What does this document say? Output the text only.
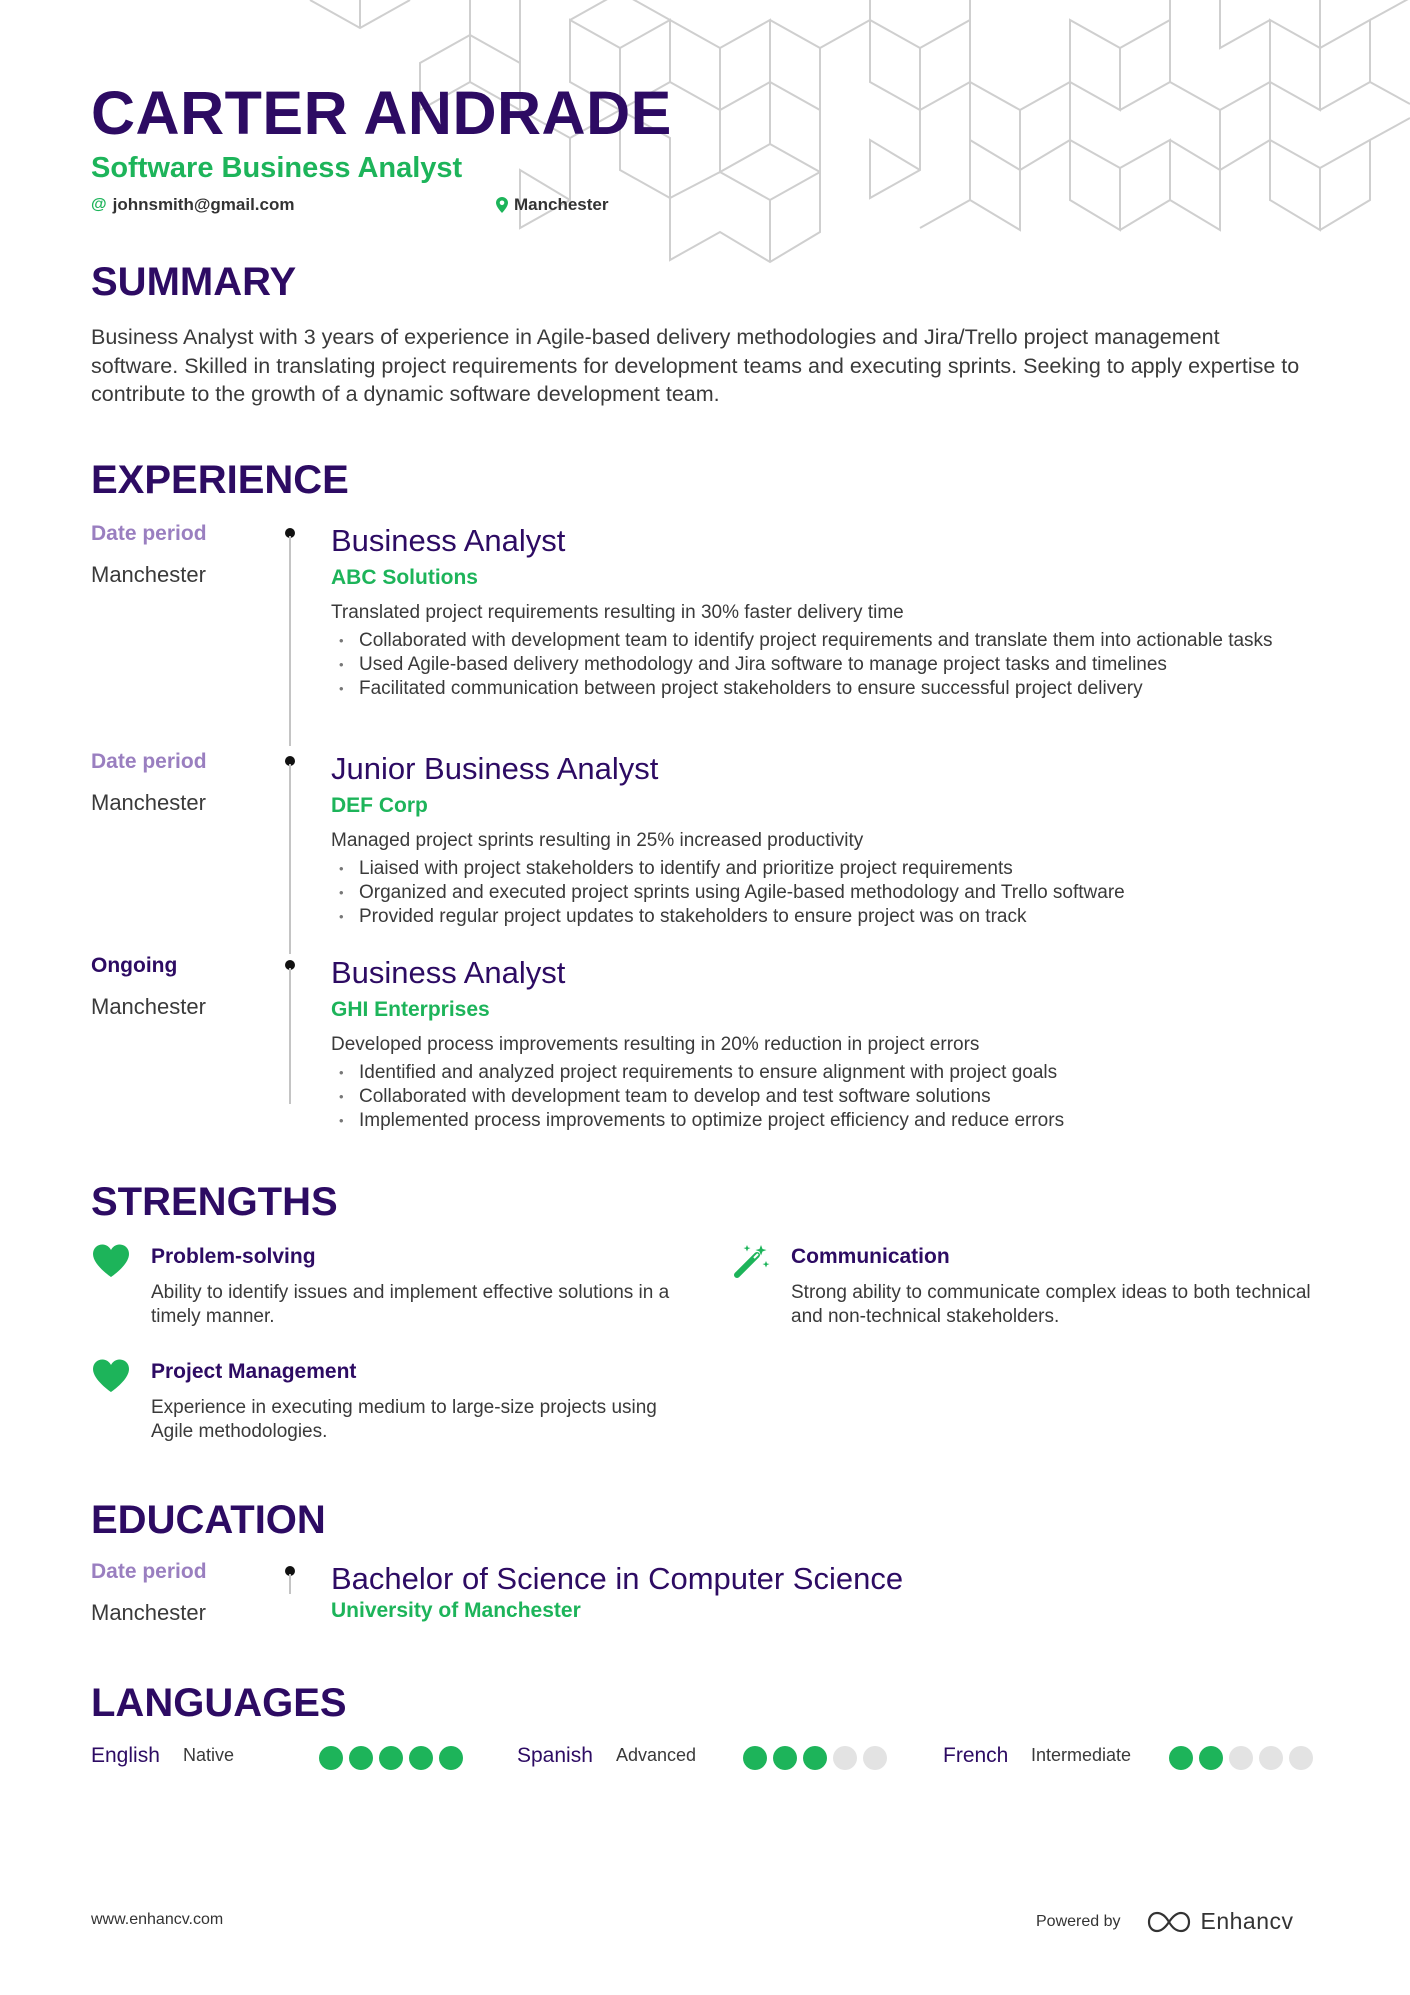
CARTER ANDRADE
Software Business Analyst
@ johnsmith@gmail.com	Manchester
SUMMARY
Business Analyst with 3 years of experience in Agile-based delivery methodologies and Jira/Trello project management software. Skilled in translating project requirements for development teams and executing sprints. Seeking to apply expertise to contribute to the growth of a dynamic software development team.
EXPERIENCE
Date period
Manchester
Business Analyst
ABC Solutions
Translated project requirements resulting in 30% faster delivery time
• Collaborated with development team to identify project requirements and translate them into actionable tasks
• Used Agile-based delivery methodology and Jira software to manage project tasks and timelines
• Facilitated communication between project stakeholders to ensure successful project delivery
Date period
Manchester
Junior Business Analyst
DEF Corp
Managed project sprints resulting in 25% increased productivity
• Liaised with project stakeholders to identify and prioritize project requirements
• Organized and executed project sprints using Agile-based methodology and Trello software
• Provided regular project updates to stakeholders to ensure project was on track
Ongoing
Manchester
Business Analyst
GHI Enterprises
Developed process improvements resulting in 20% reduction in project errors
• Identified and analyzed project requirements to ensure alignment with project goals
• Collaborated with development team to develop and test software solutions
• Implemented process improvements to optimize project efficiency and reduce errors
STRENGTHS
Problem-solving
Ability to identify issues and implement effective solutions in a timely manner.
Communication
Strong ability to communicate complex ideas to both technical and non-technical stakeholders.
Project Management
Experience in executing medium to large-size projects using Agile methodologies.
EDUCATION
Date period
Manchester
Bachelor of Science in Computer Science
University of Manchester
LANGUAGES
English Native	Spanish Advanced	French Intermediate
www.enhancv.com	Powered by	Enhancv
